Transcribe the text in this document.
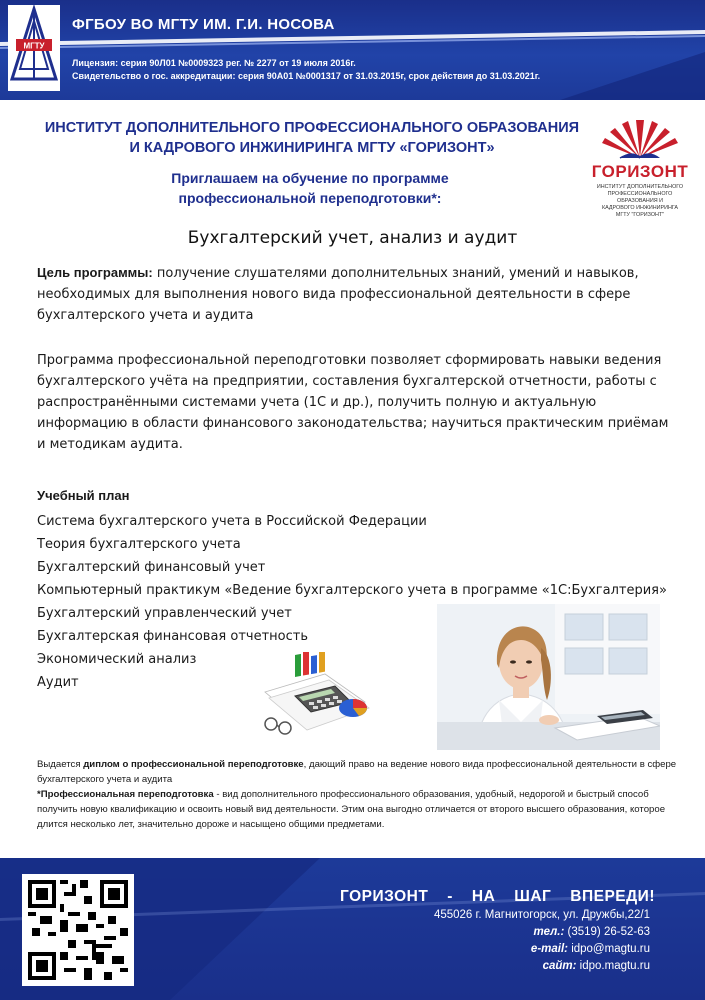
МГТУ
ФГБОУ ВО МГТУ ИМ. Г.И. НОСОВА
Лицензия: серия 90Л01 №0009323 рег. № 2277 от 19 июля 2016г.
Свидетельство о гос. аккредитации: серия 90А01 №0001317 от 31.03.2015г, срок действия до 31.03.2021г.
ИНСТИТУТ ДОПОЛНИТЕЛЬНОГО ПРОФЕССИОНАЛЬНОГО ОБРАЗОВАНИЯ
И КАДРОВОГО ИНЖИНИРИНГА МГТУ «ГОРИЗОНТ»
Приглашаем на обучение по программе
профессиональной переподготовки*:
ГОРИЗОНТ
ИНСТИТУТ ДОПОЛНИТЕЛЬНОГО
ПРОФЕССИОНАЛЬНОГО ОБРАЗОВАНИЯ И
КАДРОВОГО ИНЖИНИРИНГА
МГТУ "ГОРИЗОНТ"
Бухгалтерский учет, анализ и аудит
Цель программы: получение слушателями дополнительных знаний, умений и навыков, необходимых для выполнения нового вида профессиональной деятельности в сфере бухгалтерского учета и аудита
Программа профессиональной переподготовки позволяет сформировать навыки ведения бухгалтерского учёта на предприятии, составления бухгалтерской отчетности, работы с распространёнными системами учета (1С и др.), получить полную и актуальную информацию в области финансового законодательства; научиться практическим приёмам и методикам аудита.
Учебный план
Система бухгалтерского учета в Российской Федерации
Теория бухгалтерского учета
Бухгалтерский финансовый учет
Компьютерный практикум «Ведение бухгалтерского учета в программе «1С:Бухгалтерия»
Бухгалтерский управленческий учет
Бухгалтерская финансовая отчетность
Экономический анализ
Аудит
Выдается диплом о профессиональной переподготовке, дающий право на ведение нового вида профессиональной деятельности в сфере бухгалтерского учета и аудита
*Профессиональная переподготовка - вид дополнительного профессионального образования, удобный, недорогой и быстрый способ получить новую квалификацию и освоить новый вид деятельности. Этим она выгодно отличается от второго высшего образования, которое длится несколько лет, значительно дороже и насыщено общими предметами.
ГОРИЗОНТ - НА ШАГ ВПЕРЕДИ!
455026 г. Магнитогорск, ул. Дружбы,22/1
тел.: (3519) 26-52-63
e-mail: idpo@magtu.ru
сайт: idpo.magtu.ru
